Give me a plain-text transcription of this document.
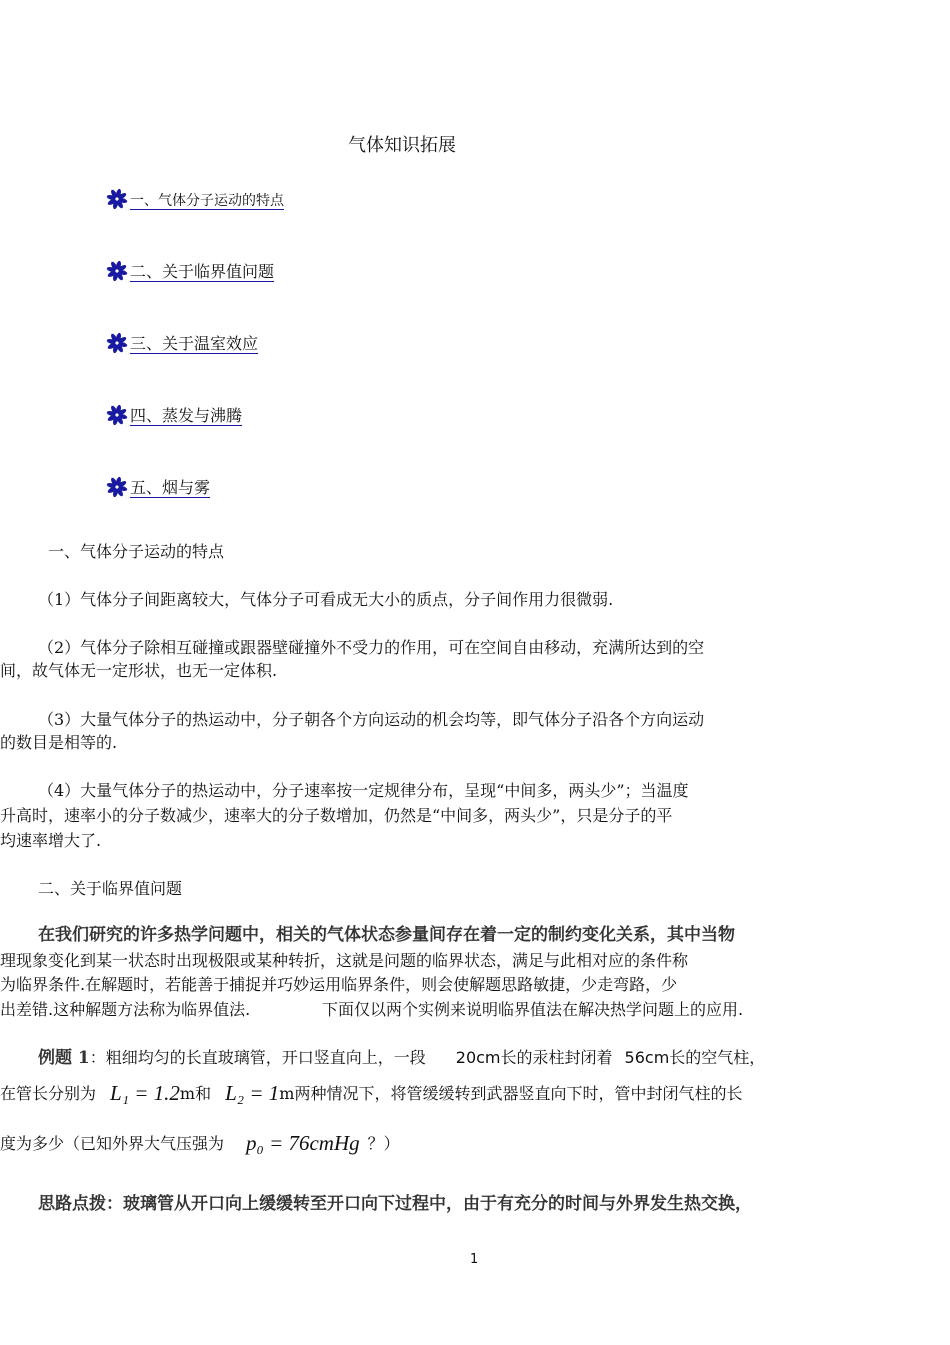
气体知识拓展
一、气体分子运动的特点
二、关于临界值问题
三、关于温室效应
四、蒸发与沸腾
五、烟与雾
一、气体分子运动的特点
（1）气体分子间距离较大，气体分子可看成无大小的质点，分子间作用力很微弱.
（2）气体分子除相互碰撞或跟器壁碰撞外不受力的作用，可在空间自由移动，充满所达到的空
间，故气体无一定形状，也无一定体积.
（3）大量气体分子的热运动中，分子朝各个方向运动的机会均等，即气体分子沿各个方向运动
的数目是相等的.
（4）大量气体分子的热运动中，分子速率按一定规律分布，呈现“中间多，两头少”；当温度
升高时，速率小的分子数减少，速率大的分子数增加，仍然是“中间多，两头少”，只是分子的平
均速率增大了.
二、关于临界值问题
在我们研究的许多热学问题中，相关的气体状态参量间存在着一定的制约变化关系，其中当物
理现象变化到某一状态时出现极限或某种转折，这就是问题的临界状态，满足与此相对应的条件称
为临界条件.在解题时，若能善于捕捉并巧妙运用临界条件，则会使解题思路敏捷，少走弯路，少
出差错.这种解题方法称为临界值法.	下面仅以两个实例来说明临界值法在解决热学问题上的应用.
例题 1：粗细均匀的长直玻璃管，开口竖直向上，一段 20cm长的汞柱封闭着 56cm长的空气柱，
在管长分别为 L₁ = 1.2 m和 L₂ = 1 m两种情况下，将管缓缓转到武器竖直向下时，管中封闭气柱的长
度为多少（已知外界大气压强为 p₀ = 76cmHg ？）
思路点拨：玻璃管从开口向上缓缓转至开口向下过程中，由于有充分的时间与外界发生热交换，
1
